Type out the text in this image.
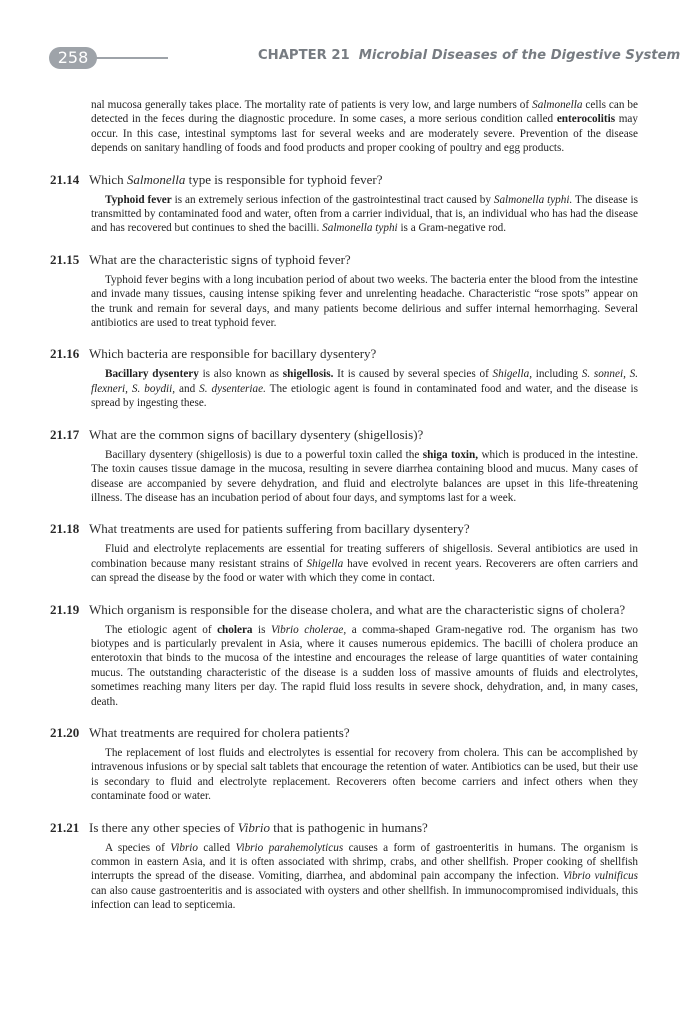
258	CHAPTER 21 Microbial Diseases of the Digestive System

nal mucosa generally takes place. The mortality rate of patients is very low, and large numbers of Salmonella cells can be detected in the feces during the diagnostic procedure. In some cases, a more serious condition called enterocolitis may occur. In this case, intestinal symptoms last for several weeks and are moderately severe. Prevention of the disease depends on sanitary handling of foods and food products and proper cooking of poultry and egg products.

21.14 Which Salmonella type is responsible for typhoid fever?

Typhoid fever is an extremely serious infection of the gastrointestinal tract caused by Salmonella typhi. The disease is transmitted by contaminated food and water, often from a carrier individual, that is, an individual who has had the disease and has recovered but continues to shed the bacilli. Salmonella typhi is a Gram-negative rod.

21.15 What are the characteristic signs of typhoid fever?

Typhoid fever begins with a long incubation period of about two weeks. The bacteria enter the blood from the intestine and invade many tissues, causing intense spiking fever and unrelenting headache. Characteristic “rose spots” appear on the trunk and remain for several days, and many patients become delirious and suffer internal hemorrhaging. Several antibiotics are used to treat typhoid fever.

21.16 Which bacteria are responsible for bacillary dysentery?

Bacillary dysentery is also known as shigellosis. It is caused by several species of Shigella, including S. sonnei, S. flexneri, S. boydii, and S. dysenteriae. The etiologic agent is found in contaminated food and water, and the disease is spread by ingesting these.

21.17 What are the common signs of bacillary dysentery (shigellosis)?

Bacillary dysentery (shigellosis) is due to a powerful toxin called the shiga toxin, which is produced in the intestine. The toxin causes tissue damage in the mucosa, resulting in severe diarrhea containing blood and mucus. Many cases of disease are accompanied by severe dehydration, and fluid and electrolyte balances are upset in this life-threatening illness. The disease has an incubation period of about four days, and symptoms last for a week.

21.18 What treatments are used for patients suffering from bacillary dysentery?

Fluid and electrolyte replacements are essential for treating sufferers of shigellosis. Several antibiotics are used in combination because many resistant strains of Shigella have evolved in recent years. Recoverers are often carriers and can spread the disease by the food or water with which they come in contact.

21.19 Which organism is responsible for the disease cholera, and what are the characteristic signs of cholera?

The etiologic agent of cholera is Vibrio cholerae, a comma-shaped Gram-negative rod. The organism has two biotypes and is particularly prevalent in Asia, where it causes numerous epidemics. The bacilli of cholera produce an enterotoxin that binds to the mucosa of the intestine and encourages the release of large quantities of water containing mucus. The outstanding characteristic of the disease is a sudden loss of massive amounts of fluids and electrolytes, sometimes reaching many liters per day. The rapid fluid loss results in severe shock, dehydration, and, in many cases, death.

21.20 What treatments are required for cholera patients?

The replacement of lost fluids and electrolytes is essential for recovery from cholera. This can be accomplished by intravenous infusions or by special salt tablets that encourage the retention of water. Antibiotics can be used, but their use is secondary to fluid and electrolyte replacement. Recoverers often become carriers and infect others when they contaminate food or water.

21.21 Is there any other species of Vibrio that is pathogenic in humans?

A species of Vibrio called Vibrio parahemolyticus causes a form of gastroenteritis in humans. The organism is common in eastern Asia, and it is often associated with shrimp, crabs, and other shellfish. Proper cooking of shellfish interrupts the spread of the disease. Vomiting, diarrhea, and abdominal pain accompany the infection. Vibrio vulnificus can also cause gastroenteritis and is associated with oysters and other shellfish. In immunocompromised individuals, this infection can lead to septicemia.
